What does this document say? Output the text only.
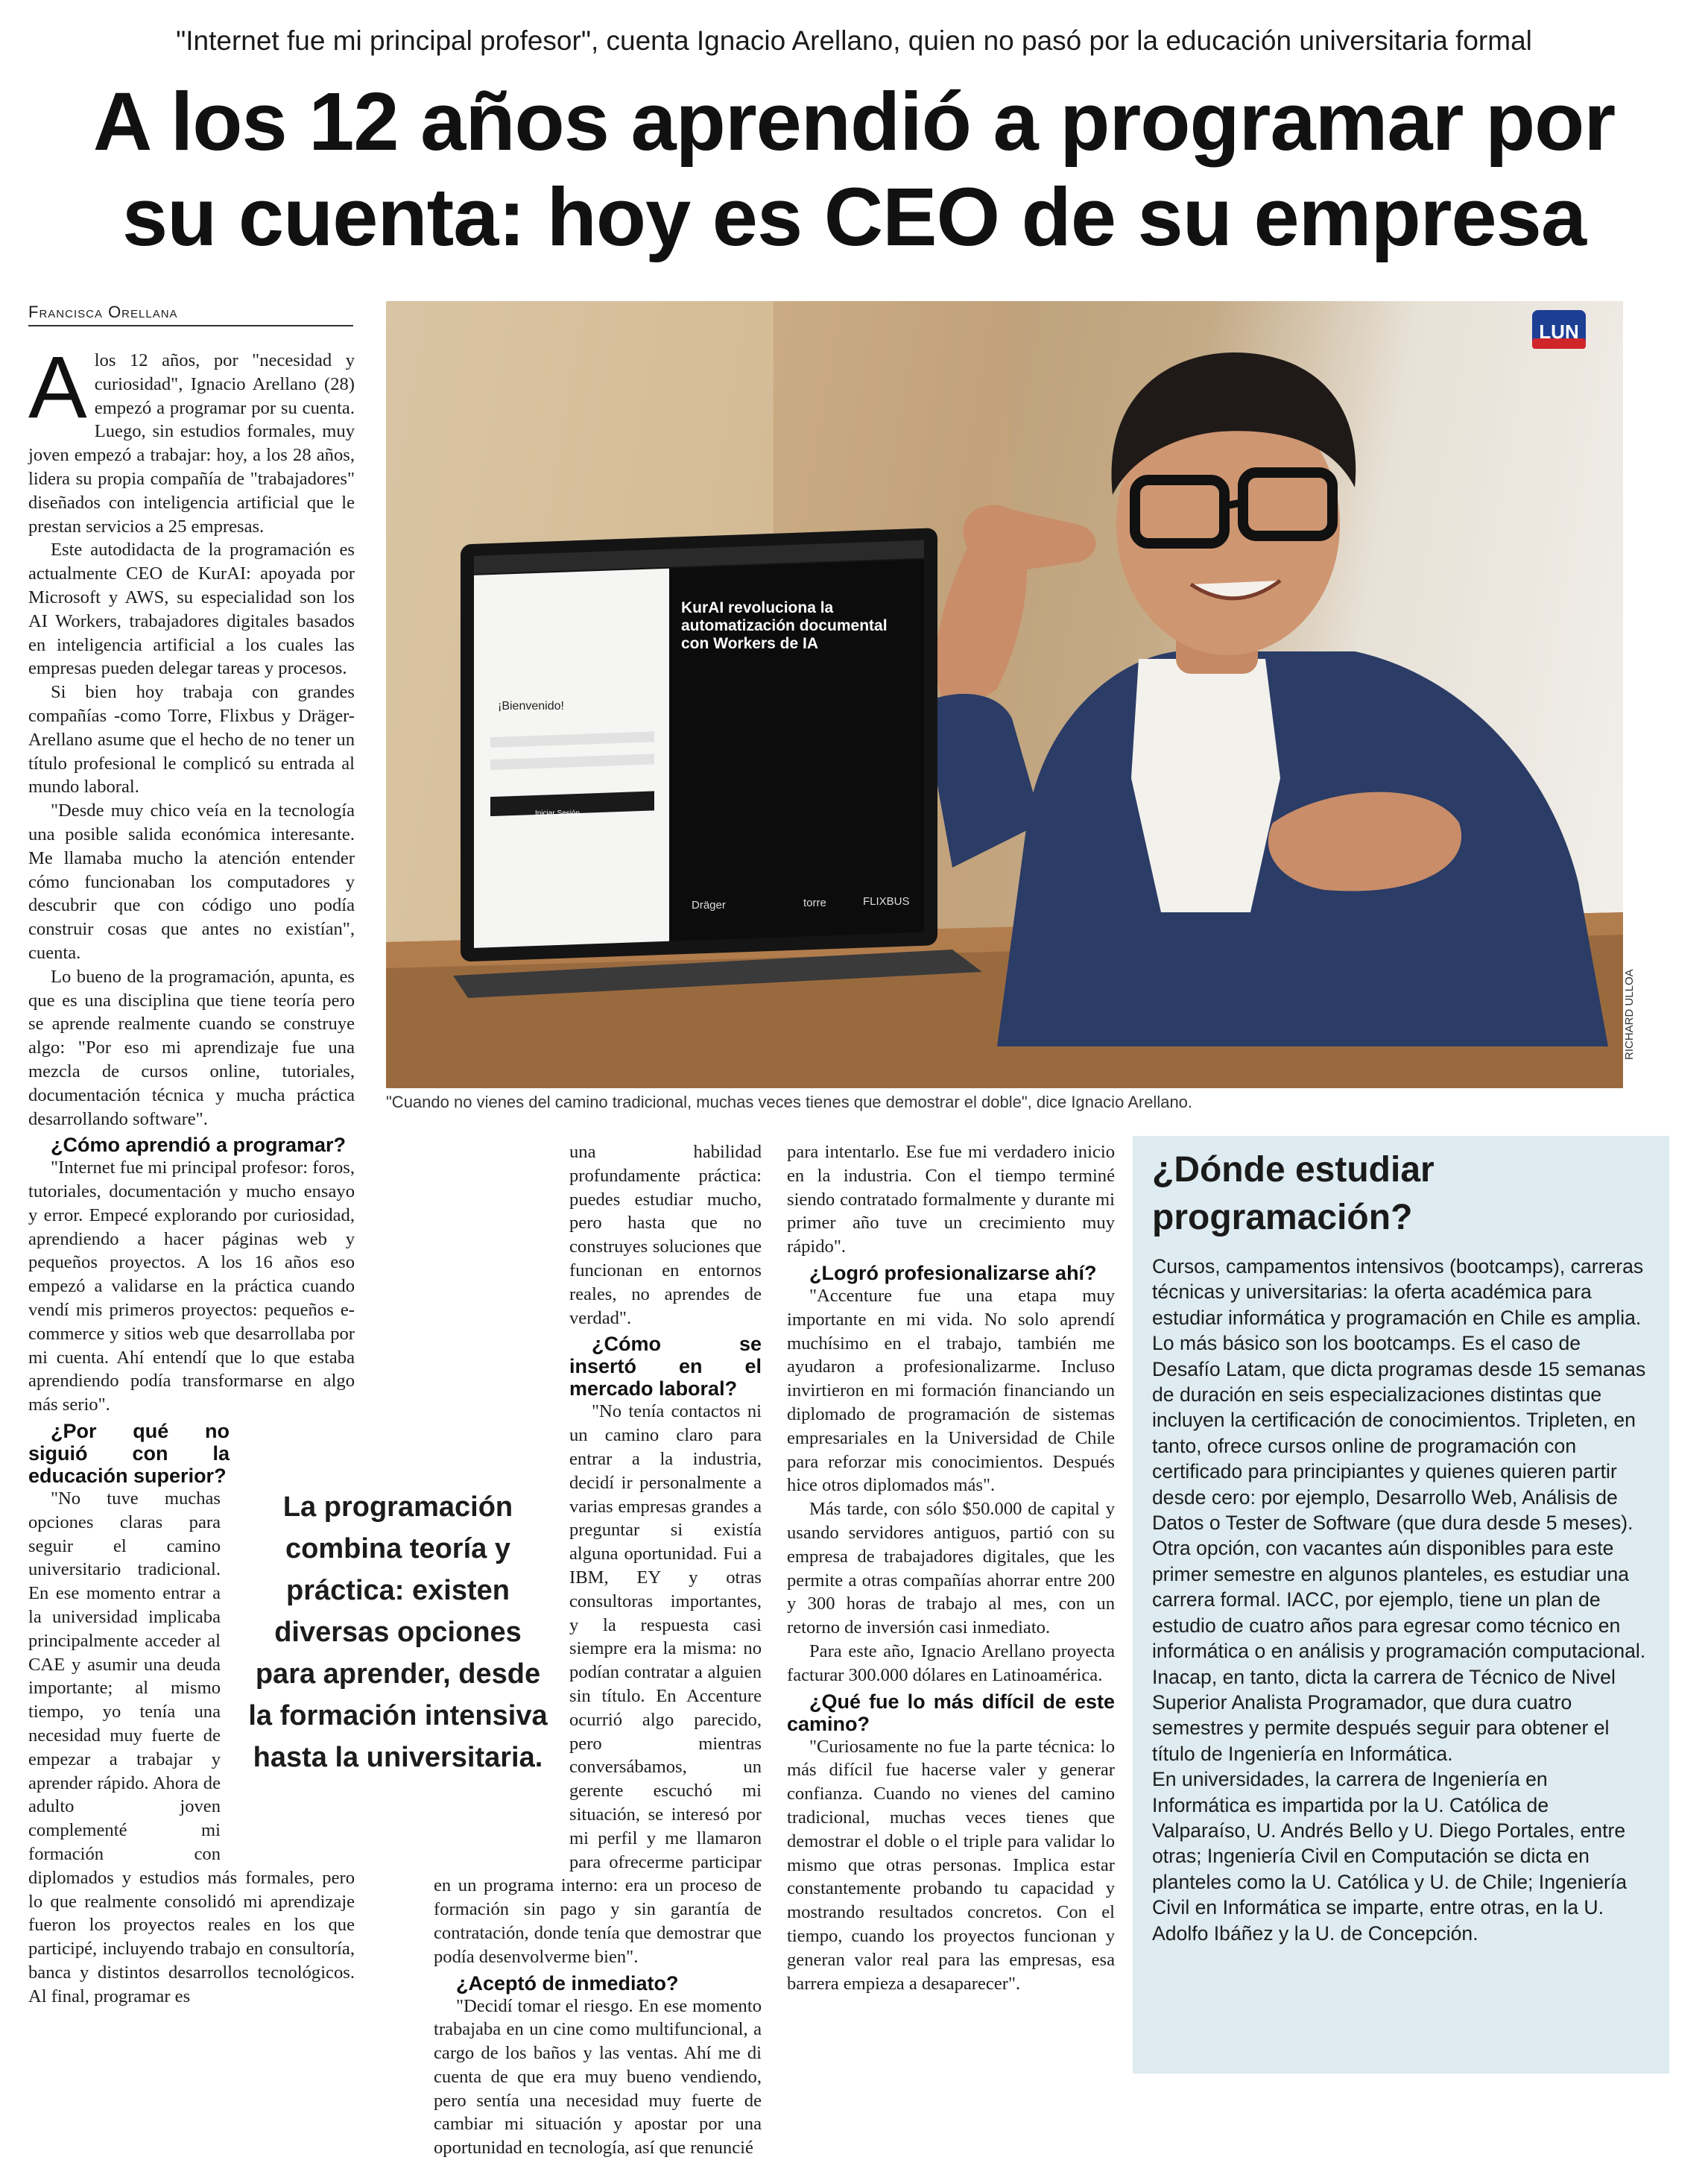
"Internet fue mi principal profesor", cuenta Ignacio Arellano, quien no pasó por la educación universitaria formal
A los 12 años aprendió a programar por
su cuenta: hoy es CEO de su empresa
Francisca Orellana

Alos 12 años, por "necesidad y curiosidad", Ignacio Arellano (28) empezó a programar por su cuenta. Luego, sin estudios formales, muy joven empezó a trabajar: hoy, a los 28 años, lidera su propia compañía de "trabajadores" diseñados con inteligencia artificial que le prestan servicios a 25 empresas.

Este autodidacta de la programación es actualmente CEO de KurAI: apoyada por Microsoft y AWS, su especialidad son los AI Workers, trabajadores digitales basados en inteligencia artificial a los cuales las empresas pueden delegar tareas y procesos.

Si bien hoy trabaja con grandes compañías -como Torre, Flixbus y Dräger- Arellano asume que el hecho de no tener un título profesional le complicó su entrada al mundo laboral.

"Desde muy chico veía en la tecnología una posible salida económica interesante. Me llamaba mucho la atención entender cómo funcionaban los computadores y descubrir que con código uno podía construir cosas que antes no existían", cuenta.

Lo bueno de la programación, apunta, es que es una disciplina que tiene teoría pero se aprende realmente cuando se construye algo: "Por eso mi aprendizaje fue una mezcla de cursos online, tutoriales, documentación técnica y mucha práctica desarrollando software".

¿Cómo aprendió a programar?

"Internet fue mi principal profesor: foros, tutoriales, documentación y mucho ensayo y error. Empecé explorando por curiosidad, aprendiendo a hacer páginas web y pequeños proyectos. A los 16 años eso empezó a validarse en la práctica cuando vendí mis primeros proyectos: pequeños e-commerce y sitios web que desarrollaba por mi cuenta. Ahí entendí que lo que estaba aprendiendo podía transformarse en algo más serio".

¿Por qué no siguió con la educación superior?

"No tuve muchas opciones claras para seguir el camino universitario tradicional. En ese momento entrar a la universidad implicaba principalmente acceder al CAE y asumir una deuda importante; al mismo tiempo, yo tenía una necesidad muy fuerte de empezar a trabajar y aprender rápido. Ahora de adulto joven complementé mi formación con diplomados y estudios más formales, pero lo que realmente consolidó mi aprendizaje fueron los proyectos reales en los que participé, incluyendo trabajo en consultoría, banca y distintos desarrollos tecnológicos. Al final, programar es

La programación combina teoría y práctica: existen diversas opciones para aprender, desde la formación intensiva hasta la universitaria.

una habilidad profundamente práctica: puedes estudiar mucho, pero hasta que no construyes soluciones que funcionan en entornos reales, no aprendes de verdad".

¿Cómo se insertó en el mercado laboral?

"No tenía contactos ni un camino claro para entrar a la industria, decidí ir personalmente a varias empresas grandes a preguntar si existía alguna oportunidad. Fui a IBM, EY y otras consultoras importantes, y la respuesta casi siempre era la misma: no podían contratar a alguien sin título. En Accenture ocurrió algo parecido, pero mientras conversábamos, un gerente escuchó mi situación, se interesó por mi perfil y me llamaron para ofrecerme participar en un programa interno: era un proceso de formación sin pago y sin garantía de contratación, donde tenía que demostrar que podía desenvolverme bien".

¿Aceptó de inmediato?

"Decidí tomar el riesgo. En ese momento trabajaba en un cine como multifuncional, a cargo de los baños y las ventas. Ahí me di cuenta de que era muy bueno vendiendo, pero sentía una necesidad muy fuerte de cambiar mi situación y apostar por una oportunidad en tecnología, así que renuncié

para intentarlo. Ese fue mi verdadero inicio en la industria. Con el tiempo terminé siendo contratado formalmente y durante mi primer año tuve un crecimiento muy rápido".

¿Logró profesionalizarse ahí?

"Accenture fue una etapa muy importante en mi vida. No solo aprendí muchísimo en el trabajo, también me ayudaron a profesionalizarme. Incluso invirtieron en mi formación financiando un diplomado de programación de sistemas empresariales en la Universidad de Chile para reforzar mis conocimientos. Después hice otros diplomados más".

Más tarde, con sólo $50.000 de capital y usando servidores antiguos, partió con su empresa de trabajadores digitales, que les permite a otras compañías ahorrar entre 200 y 300 horas de trabajo al mes, con un retorno de inversión casi inmediato.

Para este año, Ignacio Arellano proyecta facturar 300.000 dólares en Latinoamérica.

¿Qué fue lo más difícil de este camino?

"Curiosamente no fue la parte técnica: lo más difícil fue hacerse valer y generar confianza. Cuando no vienes del camino tradicional, muchas veces tienes que demostrar el doble o el triple para validar lo mismo que otras personas. Implica estar constantemente probando tu capacidad y mostrando resultados concretos. Con el tiempo, cuando los proyectos funcionan y generan valor real para las empresas, esa barrera empieza a desaparecer".

¡Bienvenido!
Iniciar Sesión
KurAI revoluciona la automatización documental con Workers de IA
Dräger	torre	FLIXBUS
LUN
RICHARD ULLOA
"Cuando no vienes del camino tradicional, muchas veces tienes que demostrar el doble", dice Ignacio Arellano.
¿Dónde estudiar programación?

Cursos, campamentos intensivos (bootcamps), carreras técnicas y universitarias: la oferta académica para estudiar informática y programación en Chile es amplia.

Lo más básico son los bootcamps. Es el caso de Desafío Latam, que dicta programas desde 15 semanas de duración en seis especializaciones distintas que incluyen la certificación de conocimientos. Tripleten, en tanto, ofrece cursos online de programación con certificado para principiantes y quienes quieren partir desde cero: por ejemplo, Desarrollo Web, Análisis de Datos o Tester de Software (que dura desde 5 meses).

Otra opción, con vacantes aún disponibles para este primer semestre en algunos planteles, es estudiar una carrera formal. IACC, por ejemplo, tiene un plan de estudio de cuatro años para egresar como técnico en informática o en análisis y programación computacional. Inacap, en tanto, dicta la carrera de Técnico de Nivel Superior Analista Programador, que dura cuatro semestres y permite después seguir para obtener el título de Ingeniería en Informática.

En universidades, la carrera de Ingeniería en Informática es impartida por la U. Católica de Valparaíso, U. Andrés Bello y U. Diego Portales, entre otras; Ingeniería Civil en Computación se dicta en planteles como la U. Católica y U. de Chile; Ingeniería Civil en Informática se imparte, entre otras, en la U. Adolfo Ibáñez y la U. de Concepción.
